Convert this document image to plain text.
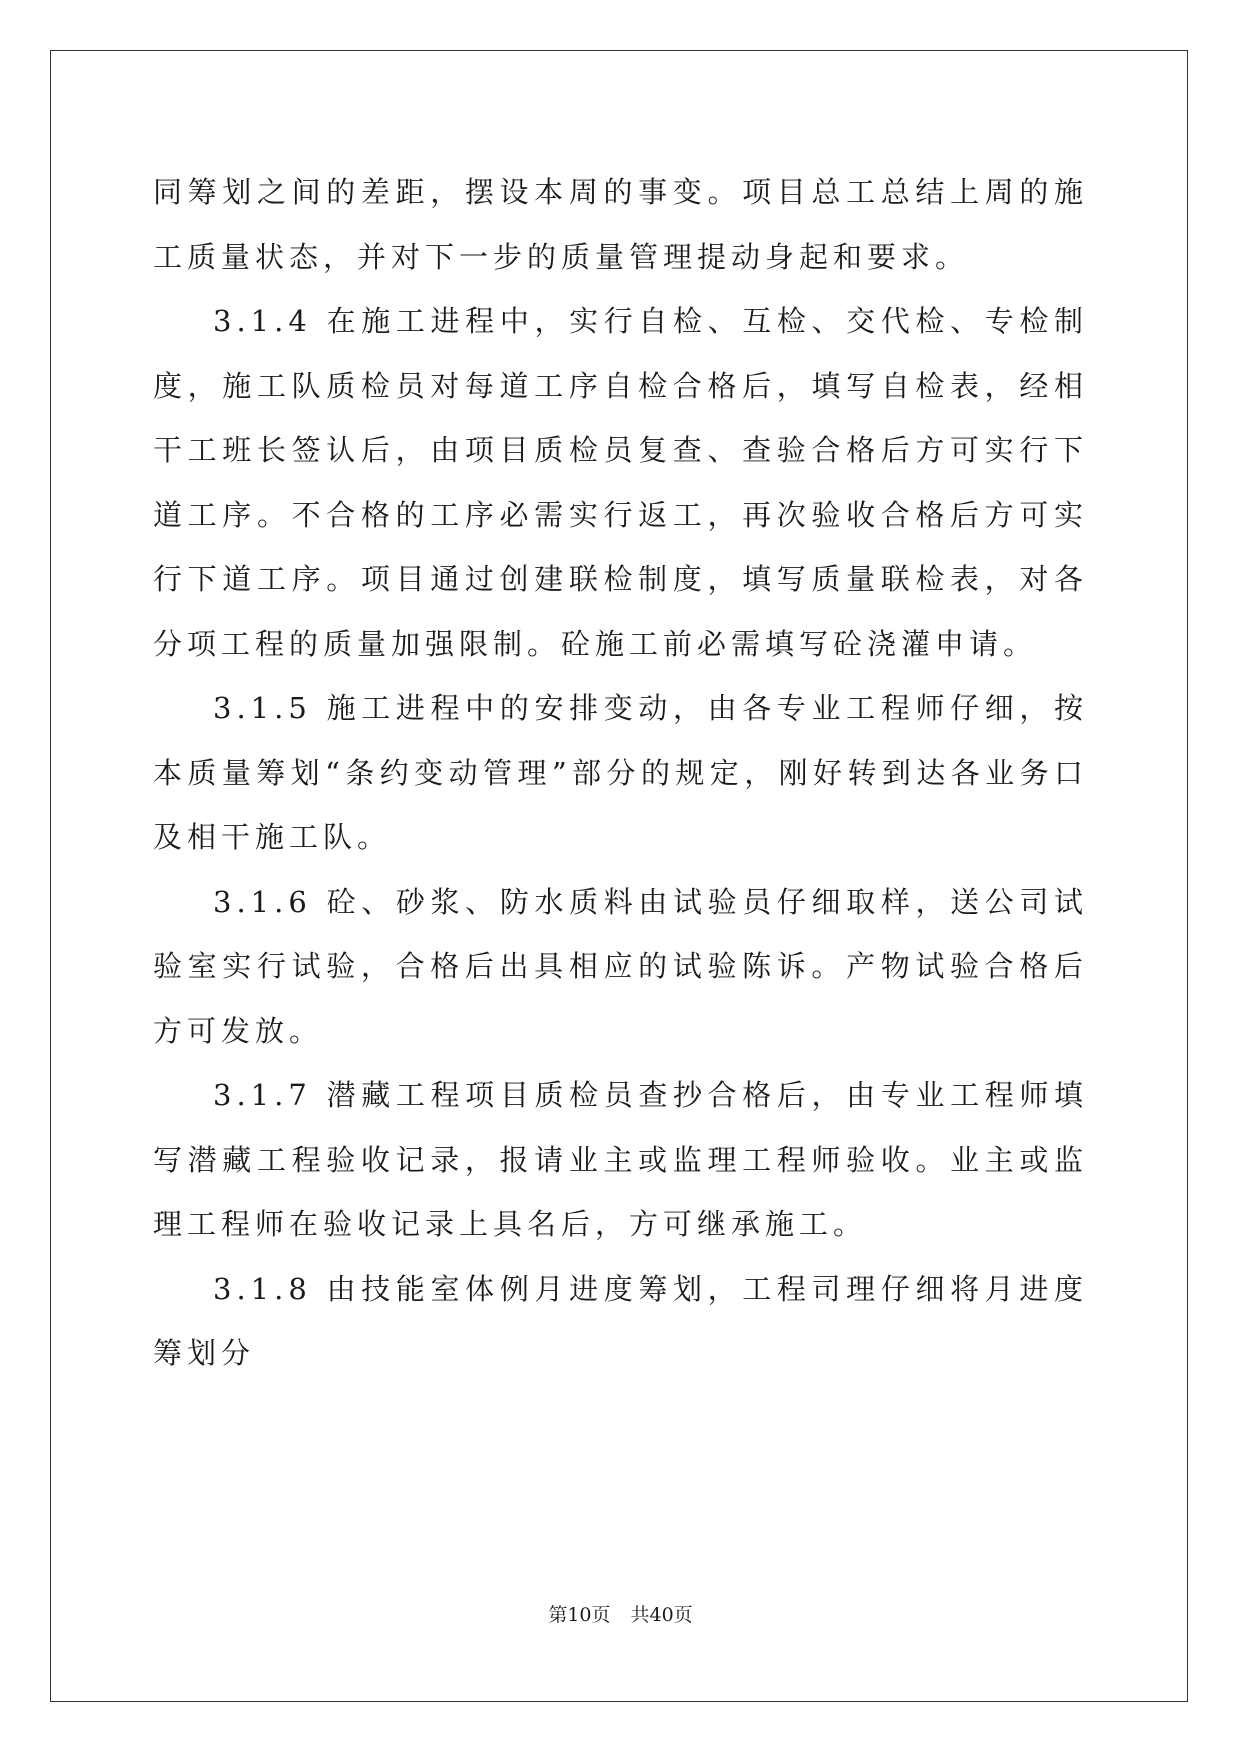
同筹划之间的差距，摆设本周的事变。项目总工总结上周的施工质量状态，并对下一步的质量管理提动身起和要求。

3.1.4 在施工进程中，实行自检、互检、交代检、专检制度，施工队质检员对每道工序自检合格后，填写自检表，经相干工班长签认后，由项目质检员复查、查验合格后方可实行下道工序。不合格的工序必需实行返工，再次验收合格后方可实行下道工序。项目通过创建联检制度，填写质量联检表，对各分项工程的质量加强限制。砼施工前必需填写砼浇灌申请。

3.1.5 施工进程中的安排变动，由各专业工程师仔细，按本质量筹划“条约变动管理”部分的规定，刚好转到达各业务口及相干施工队。

3.1.6 砼、砂浆、防水质料由试验员仔细取样，送公司试验室实行试验，合格后出具相应的试验陈诉。产物试验合格后方可发放。

3.1.7 潜藏工程项目质检员查抄合格后，由专业工程师填写潜藏工程验收记录，报请业主或监理工程师验收。业主或监理工程师在验收记录上具名后，方可继承施工。

3.1.8 由技能室体例月进度筹划，工程司理仔细将月进度筹划分

第10页 共40页
